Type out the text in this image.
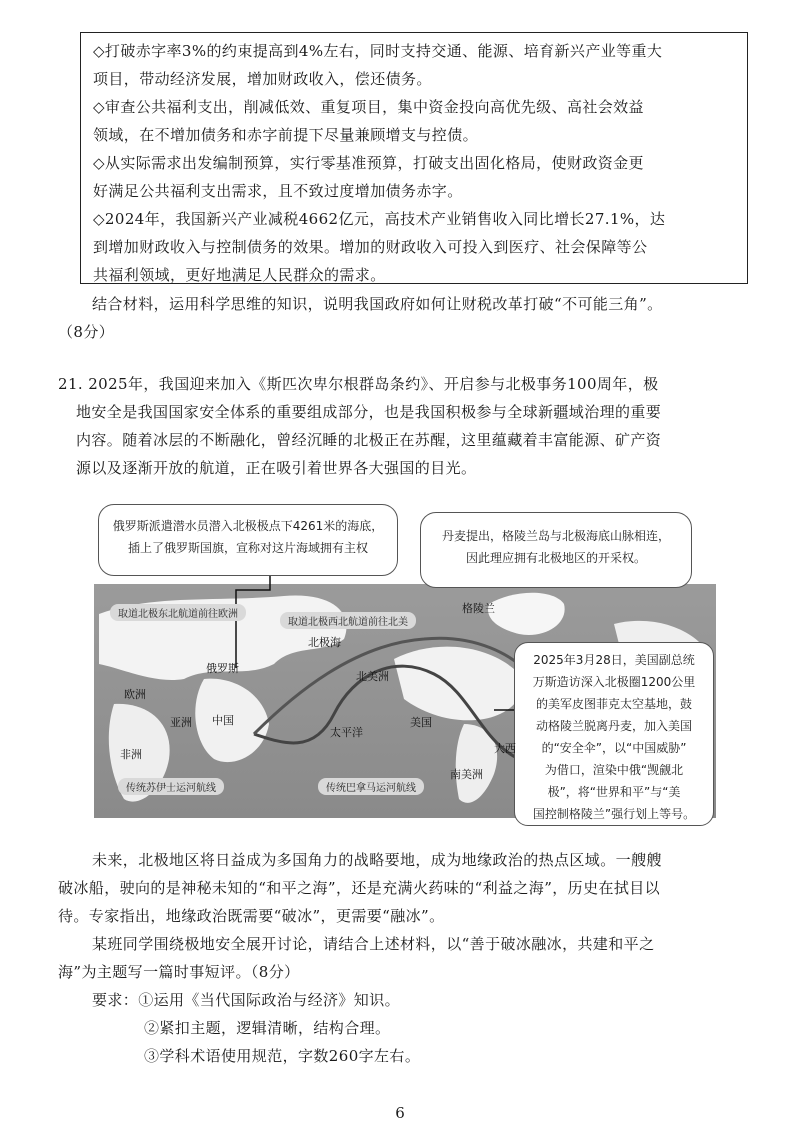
◇打破赤字率3%的约束提高到4%左右，同时支持交通、能源、培育新兴产业等重大
项目，带动经济发展，增加财政收入，偿还债务。
◇审查公共福利支出，削减低效、重复项目，集中资金投向高优先级、高社会效益
领域，在不增加债务和赤字前提下尽量兼顾增支与控债。
◇从实际需求出发编制预算，实行零基准预算，打破支出固化格局，使财政资金更
好满足公共福利支出需求，且不致过度增加债务赤字。
◇2024年，我国新兴产业减税4662亿元，高技术产业销售收入同比增长27.1%，达
到增加财政收入与控制债务的效果。增加的财政收入可投入到医疗、社会保障等公
共福利领域，更好地满足人民群众的需求。
结合材料，运用科学思维的知识，说明我国政府如何让财税改革打破“不可能三角”。
（8分）
21. 2025年，我国迎来加入《斯匹次卑尔根群岛条约》、开启参与北极事务100周年，极
地安全是我国国家安全体系的重要组成部分，也是我国积极参与全球新疆域治理的重要
内容。随着冰层的不断融化，曾经沉睡的北极正在苏醒，这里蕴藏着丰富能源、矿产资
源以及逐渐开放的航道，正在吸引着世界各大强国的目光。
俄罗斯派遣潜水员潜入北极极点下4261米的海底，
插上了俄罗斯国旗，宣称对这片海域拥有主权
丹麦提出，格陵兰岛与北极海底山脉相连，
因此理应拥有北极地区的开采权。
2025年3月28日，美国副总统
万斯造访深入北极圈1200公里
的美军皮图菲克太空基地，鼓
动格陵兰脱离丹麦，加入美国
的“安全伞”，以“中国威胁”
为借口，渲染中俄“觊觎北
极”，将“世界和平”与“美
国控制格陵兰”强行划上等号。
取道北极东北航道前往欧洲
取道北极西北航道前往北美
传统苏伊士运河航线	传统巴拿马运河航线
俄罗斯
北极海
格陵兰
北美洲
欧洲
亚洲 中国
非洲
太平洋
美国
南美洲
大西
未来，北极地区将日益成为多国角力的战略要地，成为地缘政治的热点区域。一艘艘
破冰船，驶向的是神秘未知的“和平之海”，还是充满火药味的“利益之海”，历史在拭目以
待。专家指出，地缘政治既需要“破冰”，更需要“融冰”。
某班同学围绕极地安全展开讨论，请结合上述材料，以“善于破冰融冰，共建和平之
海”为主题写一篇时事短评。（8分）
要求：①运用《当代国际政治与经济》知识。
②紧扣主题，逻辑清晰，结构合理。
③学科术语使用规范，字数260字左右。
6
